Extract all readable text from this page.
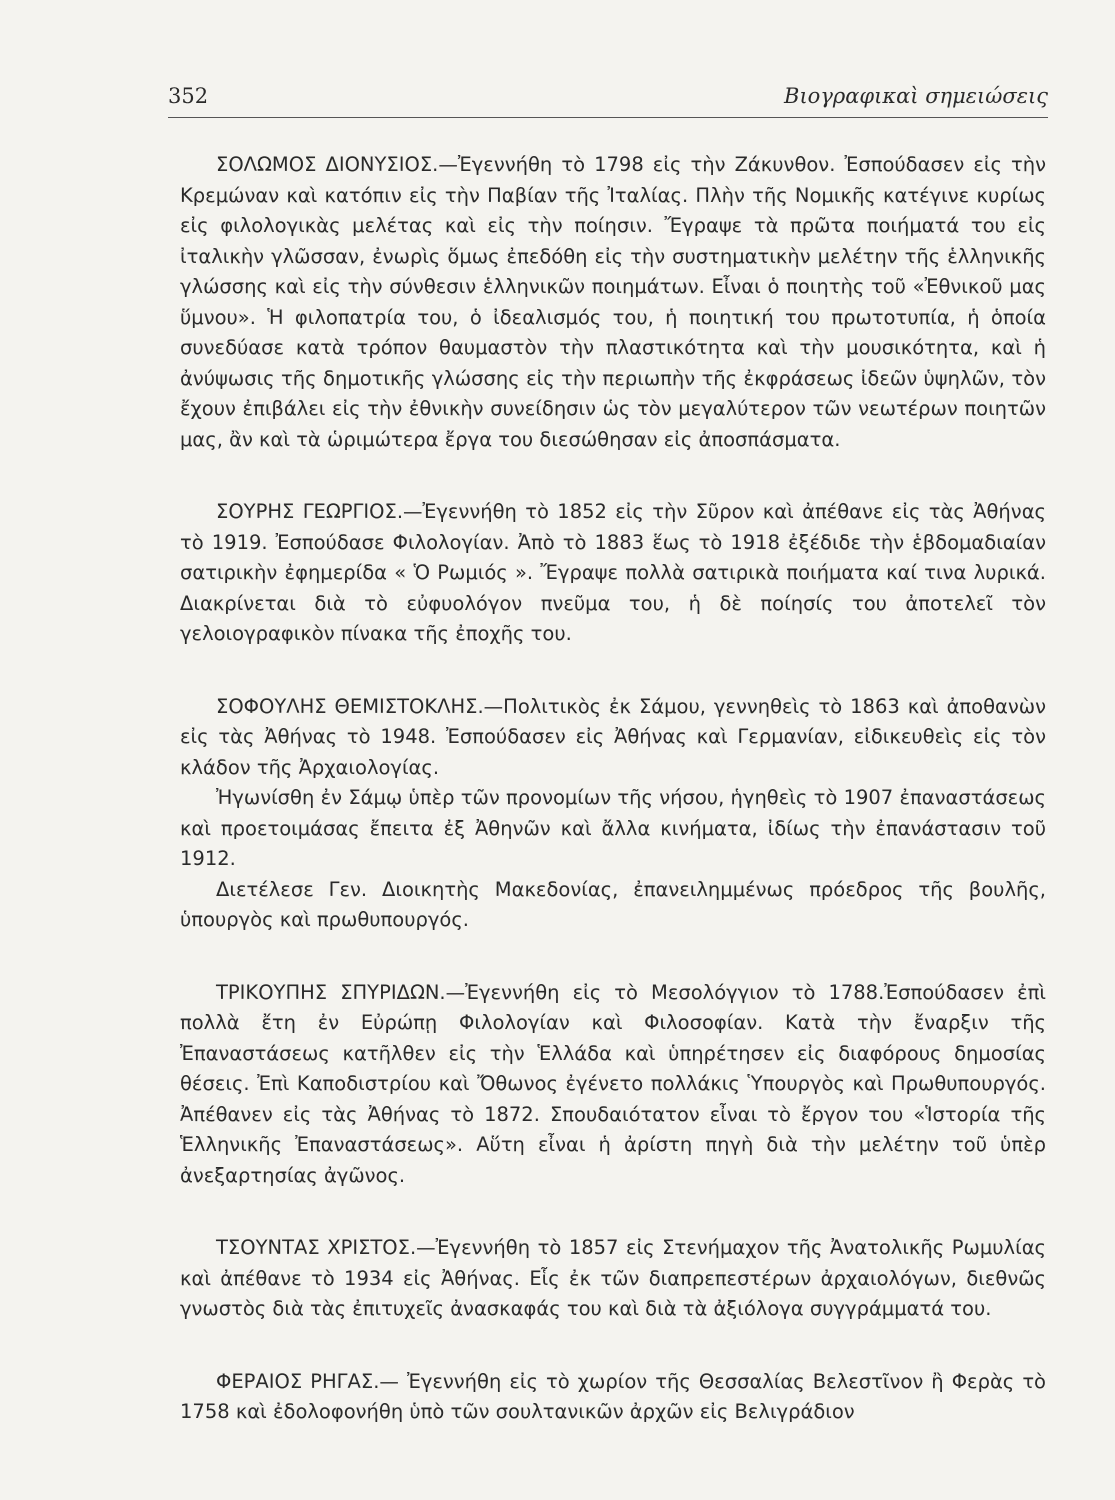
352	Βιογραφικαὶ σημειώσεις

ΣΟΛΩΜΟΣ ΔΙΟΝΥΣΙΟΣ.—Ἐγεννήθη τὸ 1798 εἰς τὴν Ζάκυνθον. Ἐσπούδασεν εἰς τὴν Κρεμώναν καὶ κατόπιν εἰς τὴν Παβίαν τῆς Ἰταλίας. Πλὴν τῆς Νομικῆς κατέγινε κυρίως εἰς φιλολογικὰς μελέτας καὶ εἰς τὴν ποίησιν. Ἔγραψε τὰ πρῶτα ποιήματά του εἰς ἰταλικὴν γλῶσσαν, ἐνωρὶς ὅμως ἐπεδόθη εἰς τὴν συστηματικὴν μελέτην τῆς ἑλληνικῆς γλώσσης καὶ εἰς τὴν σύνθεσιν ἑλληνικῶν ποιημάτων. Εἶναι ὁ ποιητὴς τοῦ «Ἐθνικοῦ μας ὕμνου». Ἡ φιλοπατρία του, ὁ ἰδεαλισμός του, ἡ ποιητική του πρωτοτυπία, ἡ ὁποία συνεδύασε κατὰ τρόπον θαυμαστὸν τὴν πλαστικότητα καὶ τὴν μουσικότητα, καὶ ἡ ἀνύψωσις τῆς δημοτικῆς γλώσσης εἰς τὴν περιωπὴν τῆς ἐκφράσεως ἰδεῶν ὑψηλῶν, τὸν ἔχουν ἐπιβάλει εἰς τὴν ἐθνικὴν συνείδησιν ὡς τὸν μεγαλύτερον τῶν νεωτέρων ποιητῶν μας, ἂν καὶ τὰ ὡριμώτερα ἔργα του διεσώθησαν εἰς ἀποσπάσματα.

ΣΟΥΡΗΣ ΓΕΩΡΓΙΟΣ.—Ἐγεννήθη τὸ 1852 εἰς τὴν Σῦρον καὶ ἀπέθανε εἰς τὰς Ἀθήνας τὸ 1919. Ἐσπούδασε Φιλολογίαν. Ἀπὸ τὸ 1883 ἕως τὸ 1918 ἐξέδιδε τὴν ἑβδομαδιαίαν σατιρικὴν ἐφημερίδα « Ὁ Ρωμιός ». Ἔγραψε πολλὰ σατιρικὰ ποιήματα καί τινα λυρικά. Διακρίνεται διὰ τὸ εὐφυολόγον πνεῦμα του, ἡ δὲ ποίησίς του ἀποτελεῖ τὸν γελοιογραφικὸν πίνακα τῆς ἐποχῆς του.

ΣΟΦΟΥΛΗΣ ΘΕΜΙΣΤΟΚΛΗΣ.—Πολιτικὸς ἐκ Σάμου, γεννηθεὶς τὸ 1863 καὶ ἀποθανὼν εἰς τὰς Ἀθήνας τὸ 1948. Ἐσπούδασεν εἰς Ἀθήνας καὶ Γερμανίαν, εἰδικευθεὶς εἰς τὸν κλάδον τῆς Ἀρχαιολογίας.

Ἠγωνίσθη ἐν Σάμῳ ὑπὲρ τῶν προνομίων τῆς νήσου, ἡγηθεὶς τὸ 1907 ἐπαναστάσεως καὶ προετοιμάσας ἔπειτα ἐξ Ἀθηνῶν καὶ ἄλλα κινήματα, ἰδίως τὴν ἐπανάστασιν τοῦ 1912.

Διετέλεσε Γεν. Διοικητὴς Μακεδονίας, ἐπανειλημμένως πρόεδρος τῆς βουλῆς, ὑπουργὸς καὶ πρωθυπουργός.

ΤΡΙΚΟΥΠΗΣ ΣΠΥΡΙΔΩΝ.—Ἐγεννήθη εἰς τὸ Μεσολόγγιον τὸ 1788.Ἐσπούδασεν ἐπὶ πολλὰ ἔτη ἐν Εὐρώπῃ Φιλολογίαν καὶ Φιλοσοφίαν. Κατὰ τὴν ἔναρξιν τῆς Ἐπαναστάσεως κατῆλθεν εἰς τὴν Ἑλλάδα καὶ ὑπηρέτησεν εἰς διαφόρους δημοσίας θέσεις. Ἐπὶ Καποδιστρίου καὶ Ὄθωνος ἐγένετο πολλάκις Ὑπουργὸς καὶ Πρωθυπουργός. Ἀπέθανεν εἰς τὰς Ἀθήνας τὸ 1872. Σπουδαιότατον εἶναι τὸ ἔργον του «Ἱστορία τῆς Ἑλληνικῆς Ἐπαναστάσεως». Αὕτη εἶναι ἡ ἀρίστη πηγὴ διὰ τὴν μελέτην τοῦ ὑπὲρ ἀνεξαρτησίας ἀγῶνος.

ΤΣΟΥΝΤΑΣ ΧΡΙΣΤΟΣ.—Ἐγεννήθη τὸ 1857 εἰς Στενήμαχον τῆς Ἀνατολικῆς Ρωμυλίας καὶ ἀπέθανε τὸ 1934 εἰς Ἀθήνας. Εἷς ἐκ τῶν διαπρεπεστέρων ἀρχαιολόγων, διεθνῶς γνωστὸς διὰ τὰς ἐπιτυχεῖς ἀνασκαφάς του καὶ διὰ τὰ ἀξιόλογα συγγράμματά του.

ΦΕΡΑΙΟΣ ΡΗΓΑΣ.— Ἐγεννήθη εἰς τὸ χωρίον τῆς Θεσσαλίας Βελεστῖνον ἢ Φερὰς τὸ 1758 καὶ ἐδολοφονήθη ὑπὸ τῶν σουλτανικῶν ἀρχῶν εἰς Βελιγράδιον
